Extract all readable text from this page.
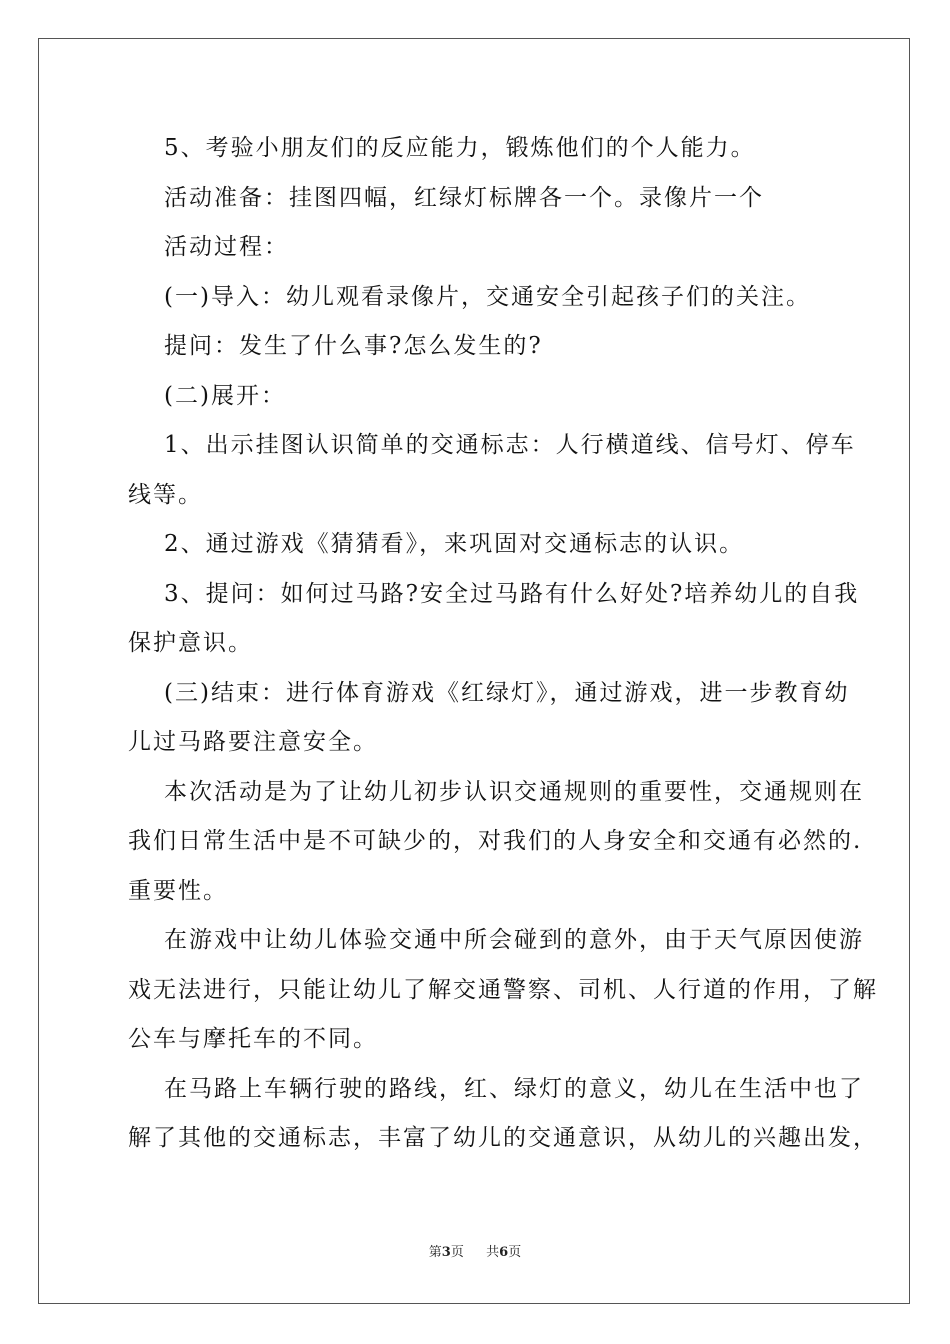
5、考验小朋友们的反应能力，锻炼他们的个人能力。
活动准备：挂图四幅，红绿灯标牌各一个。录像片一个
活动过程：
(一)导入：幼儿观看录像片，交通安全引起孩子们的关注。
提问：发生了什么事?怎么发生的?
(二)展开：
1、出示挂图认识简单的交通标志：人行横道线、信号灯、停车
线等。
2、通过游戏《猜猜看》，来巩固对交通标志的认识。
3、提问：如何过马路?安全过马路有什么好处?培养幼儿的自我
保护意识。
(三)结束：进行体育游戏《红绿灯》，通过游戏，进一步教育幼
儿过马路要注意安全。
本次活动是为了让幼儿初步认识交通规则的重要性，交通规则在
我们日常生活中是不可缺少的，对我们的人身安全和交通有必然的.
重要性。
在游戏中让幼儿体验交通中所会碰到的意外，由于天气原因使游
戏无法进行，只能让幼儿了解交通警察、司机、人行道的作用，了解
公车与摩托车的不同。
在马路上车辆行驶的路线，红、绿灯的意义，幼儿在生活中也了
解了其他的交通标志，丰富了幼儿的交通意识，从幼儿的兴趣出发，
第3页 共6页
